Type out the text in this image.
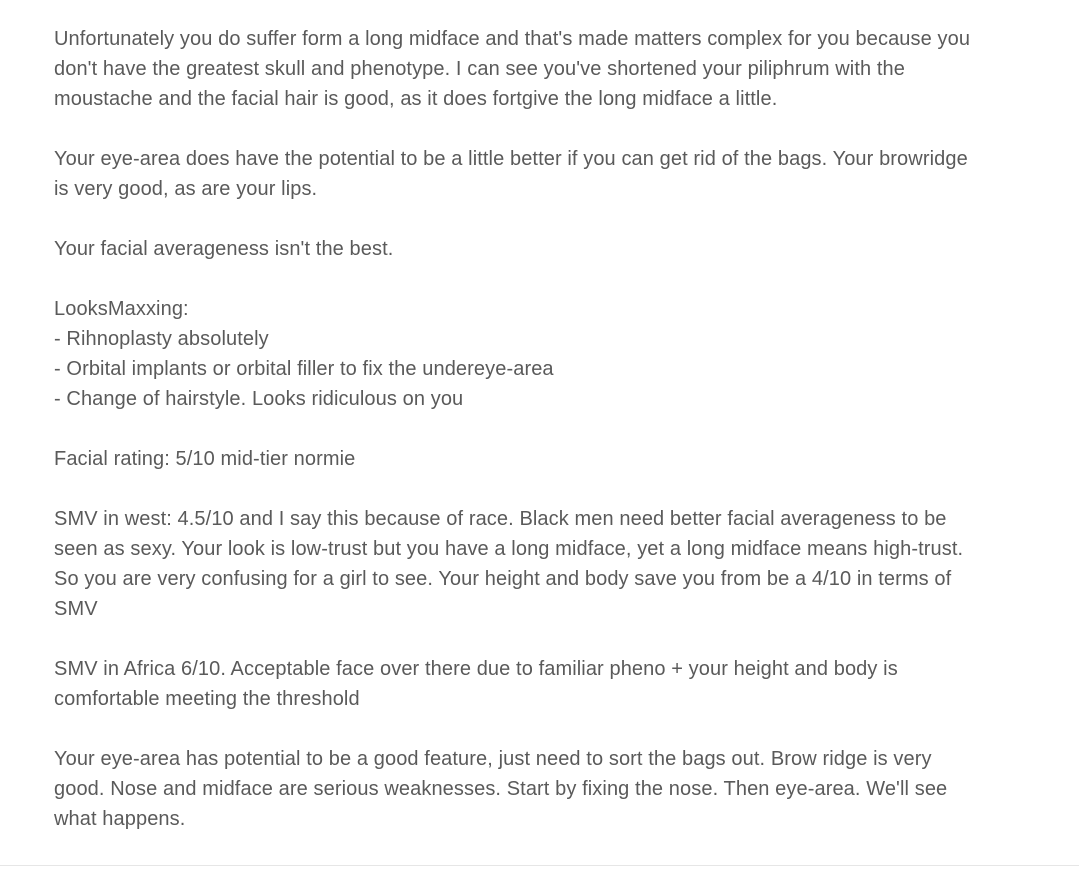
Unfortunately you do suffer form a long midface and that's made matters complex for you because you
don't have the greatest skull and phenotype. I can see you've shortened your piliphrum with the
moustache and the facial hair is good, as it does fortgive the long midface a little.

Your eye-area does have the potential to be a little better if you can get rid of the bags. Your browridge
is very good, as are your lips.

Your facial averageness isn't the best.

LooksMaxxing:
- Rihnoplasty absolutely
- Orbital implants or orbital filler to fix the undereye-area
- Change of hairstyle. Looks ridiculous on you

Facial rating: 5/10 mid-tier normie

SMV in west: 4.5/10 and I say this because of race. Black men need better facial averageness to be
seen as sexy. Your look is low-trust but you have a long midface, yet a long midface means high-trust.
So you are very confusing for a girl to see. Your height and body save you from be a 4/10 in terms of
SMV

SMV in Africa 6/10. Acceptable face over there due to familiar pheno + your height and body is
comfortable meeting the threshold

Your eye-area has potential to be a good feature, just need to sort the bags out. Brow ridge is very
good. Nose and midface are serious weaknesses. Start by fixing the nose. Then eye-area. We'll see
what happens.
